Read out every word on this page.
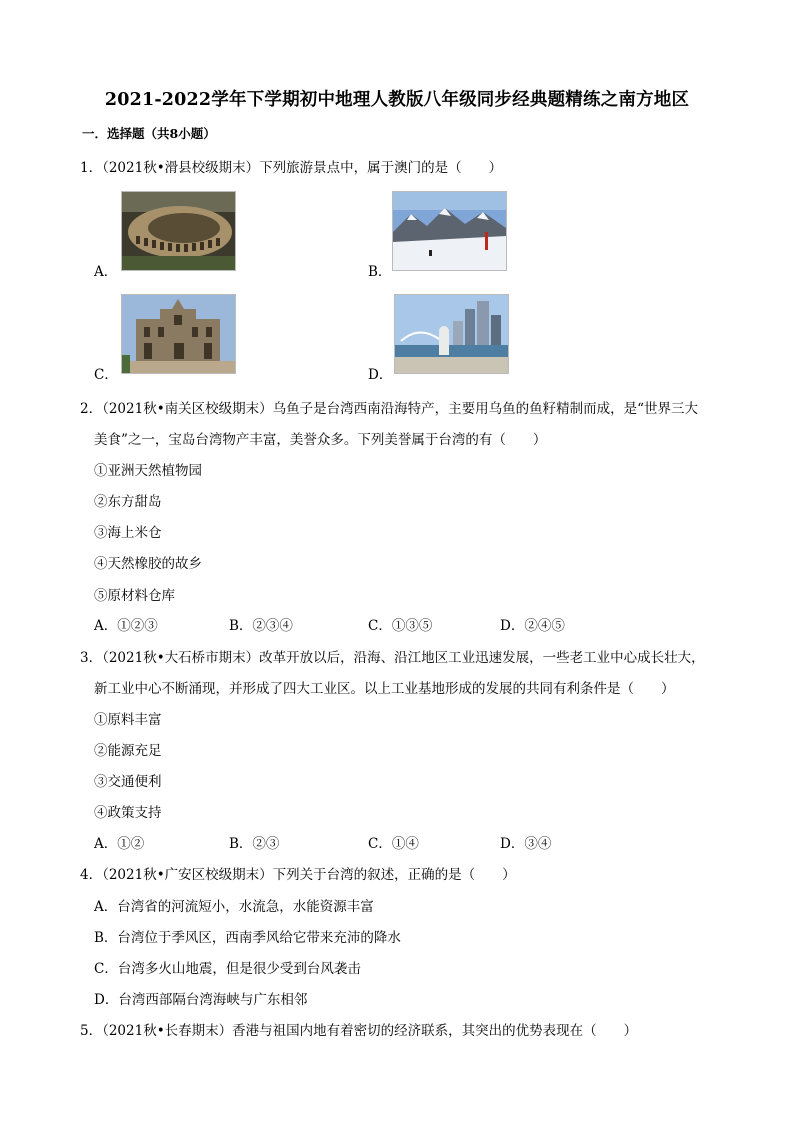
2021-2022学年下学期初中地理人教版八年级同步经典题精练之南方地区
一．选择题（共8小题）
1．（2021秋•滑县校级期末）下列旅游景点中，属于澳门的是（　　）
A．	B．
C．	D．
2．（2021秋•南关区校级期末）乌鱼子是台湾西南沿海特产，主要用乌鱼的鱼籽精制而成，是“世界三大
美食”之一，宝岛台湾物产丰富，美誉众多。下列美誉属于台湾的有（　　）
①亚洲天然植物园
②东方甜岛
③海上米仓
④天然橡胶的故乡
⑤原材料仓库
A．①②③	B．②③④	C．①③⑤	D．②④⑤
3．（2021秋•大石桥市期末）改革开放以后，沿海、沿江地区工业迅速发展，一些老工业中心成长壮大，
新工业中心不断涌现，并形成了四大工业区。以上工业基地形成的发展的共同有利条件是（　　）
①原料丰富
②能源充足
③交通便利
④政策支持
A．①②	B．②③	C．①④	D．③④
4．（2021秋•广安区校级期末）下列关于台湾的叙述，正确的是（　　）
A．台湾省的河流短小，水流急，水能资源丰富
B．台湾位于季风区，西南季风给它带来充沛的降水
C．台湾多火山地震，但是很少受到台风袭击
D．台湾西部隔台湾海峡与广东相邻
5．（2021秋•长春期末）香港与祖国内地有着密切的经济联系，其突出的优势表现在（　　）
